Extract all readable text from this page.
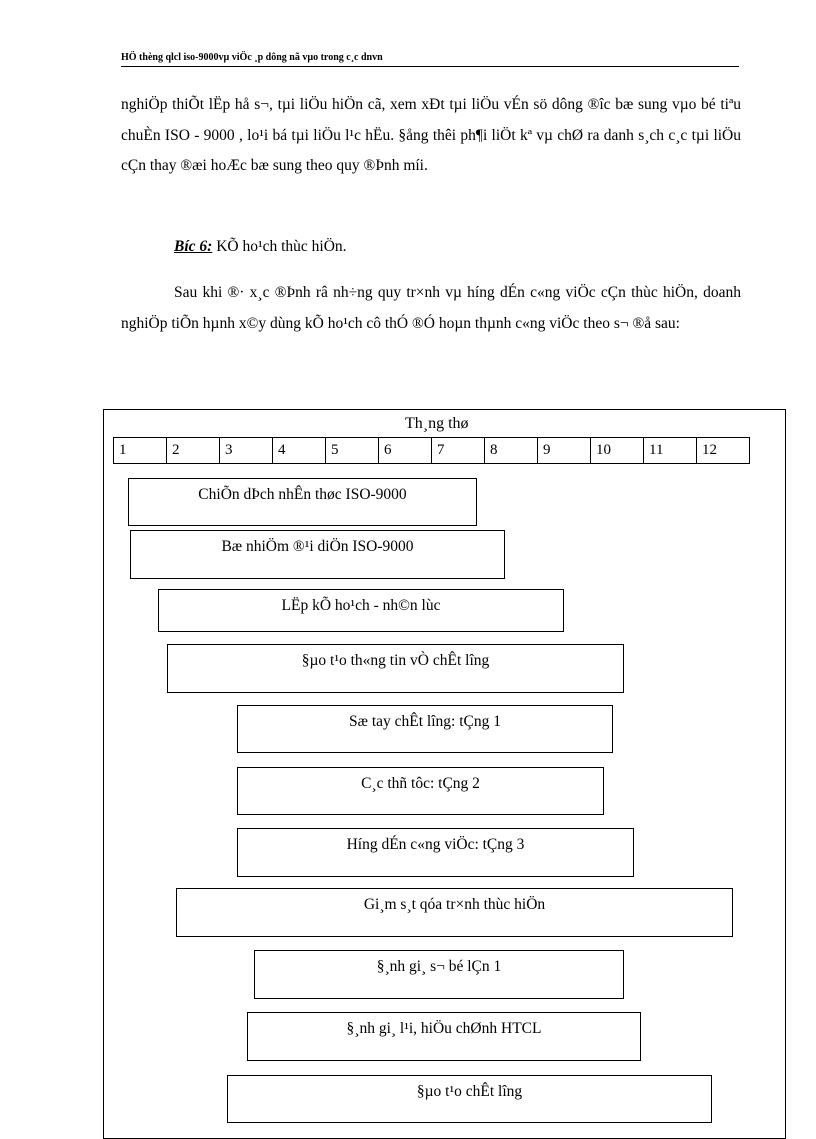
HÖ thèng qlcl iso-9000vµ viÖc ¸p dông nã vµo trong c¸c dnvn

nghiÖp thiÕt lËp hå s¬, tµi liÖu hiÖn cã, xem xÐt tµi liÖu vÉn sö dông ®îc bæ sung vµo bé tiªu chuÈn ISO - 9000 , lo¹i bá tµi liÖu l¹c hËu. §ång thêi ph¶i liÖt kª vµ chØ ra danh s¸ch c¸c tµi liÖu cÇn thay ®æi hoÆc bæ sung theo quy ®Þnh míi.

Bíc 6: KÕ ho¹ch thùc hiÖn.

Sau khi ®· x¸c ®Þnh râ nh÷ng quy tr×nh vµ híng dÉn c«ng viÖc cÇn thùc hiÖn, doanh nghiÖp tiÕn hµnh x©y dùng kÕ ho¹ch cô thÓ ®Ó hoµn thµnh c«ng viÖc theo s¬ ®å sau:

Th¸ng thø
1	2	3	4	5	6	7	8	9	10	11	12
ChiÕn dÞch nhÊn thøc ISO-9000
Bæ nhiÖm ®¹i diÖn ISO-9000
LËp kÕ ho¹ch - nh©n lùc
§µo t¹o th«ng tin vÒ chÊt lîng
Sæ tay chÊt lîng: tÇng 1
C¸c thñ tôc: tÇng 2
Híng dÉn c«ng viÖc: tÇng 3
Gi¸m s¸t qóa tr×nh thùc hiÖn
§¸nh gi¸ s¬ bé lÇn 1
§¸nh gi¸ l¹i, hiÖu chØnh HTCL
§µo t¹o chÊt lîng
